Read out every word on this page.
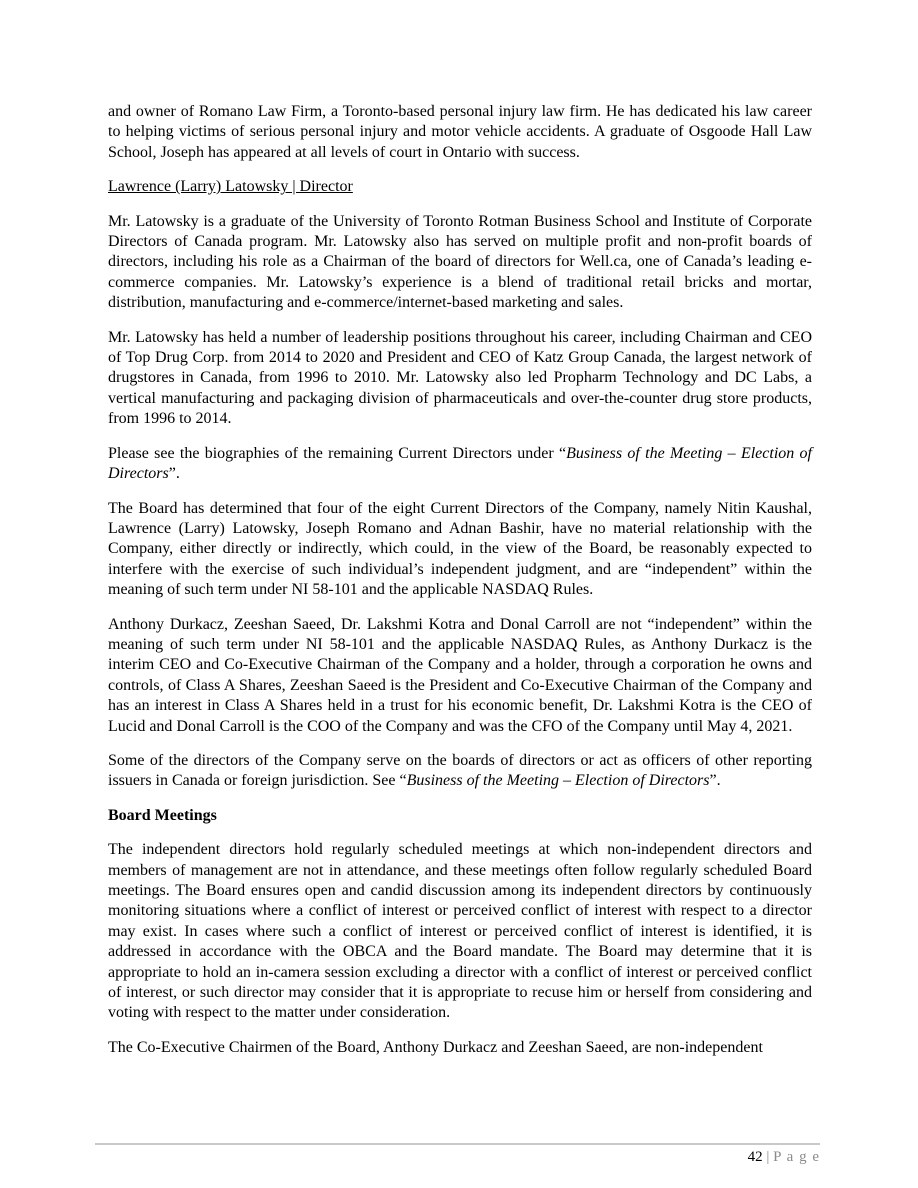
and owner of Romano Law Firm, a Toronto-based personal injury law firm. He has dedicated his law career to helping victims of serious personal injury and motor vehicle accidents. A graduate of Osgoode Hall Law School, Joseph has appeared at all levels of court in Ontario with success.

Lawrence (Larry) Latowsky | Director

Mr. Latowsky is a graduate of the University of Toronto Rotman Business School and Institute of Corporate Directors of Canada program. Mr. Latowsky also has served on multiple profit and non-profit boards of directors, including his role as a Chairman of the board of directors for Well.ca, one of Canada’s leading e-commerce companies. Mr. Latowsky’s experience is a blend of traditional retail bricks and mortar, distribution, manufacturing and e-commerce/internet-based marketing and sales.

Mr. Latowsky has held a number of leadership positions throughout his career, including Chairman and CEO of Top Drug Corp. from 2014 to 2020 and President and CEO of Katz Group Canada, the largest network of drugstores in Canada, from 1996 to 2010. Mr. Latowsky also led Propharm Technology and DC Labs, a vertical manufacturing and packaging division of pharmaceuticals and over-the-counter drug store products, from 1996 to 2014.

Please see the biographies of the remaining Current Directors under “Business of the Meeting – Election of Directors”.

The Board has determined that four of the eight Current Directors of the Company, namely Nitin Kaushal, Lawrence (Larry) Latowsky, Joseph Romano and Adnan Bashir, have no material relationship with the Company, either directly or indirectly, which could, in the view of the Board, be reasonably expected to interfere with the exercise of such individual’s independent judgment, and are “independent” within the meaning of such term under NI 58-101 and the applicable NASDAQ Rules.

Anthony Durkacz, Zeeshan Saeed, Dr. Lakshmi Kotra and Donal Carroll are not “independent” within the meaning of such term under NI 58-101 and the applicable NASDAQ Rules, as Anthony Durkacz is the interim CEO and Co-Executive Chairman of the Company and a holder, through a corporation he owns and controls, of Class A Shares, Zeeshan Saeed is the President and Co-Executive Chairman of the Company and has an interest in Class A Shares held in a trust for his economic benefit, Dr. Lakshmi Kotra is the CEO of Lucid and Donal Carroll is the COO of the Company and was the CFO of the Company until May 4, 2021.

Some of the directors of the Company serve on the boards of directors or act as officers of other reporting issuers in Canada or foreign jurisdiction. See “Business of the Meeting – Election of Directors”.

Board Meetings

The independent directors hold regularly scheduled meetings at which non-independent directors and members of management are not in attendance, and these meetings often follow regularly scheduled Board meetings. The Board ensures open and candid discussion among its independent directors by continuously monitoring situations where a conflict of interest or perceived conflict of interest with respect to a director may exist. In cases where such a conflict of interest or perceived conflict of interest is identified, it is addressed in accordance with the OBCA and the Board mandate. The Board may determine that it is appropriate to hold an in-camera session excluding a director with a conflict of interest or perceived conflict of interest, or such director may consider that it is appropriate to recuse him or herself from considering and voting with respect to the matter under consideration.

The Co-Executive Chairmen of the Board, Anthony Durkacz and Zeeshan Saeed, are non-independent

42 | P a g e
